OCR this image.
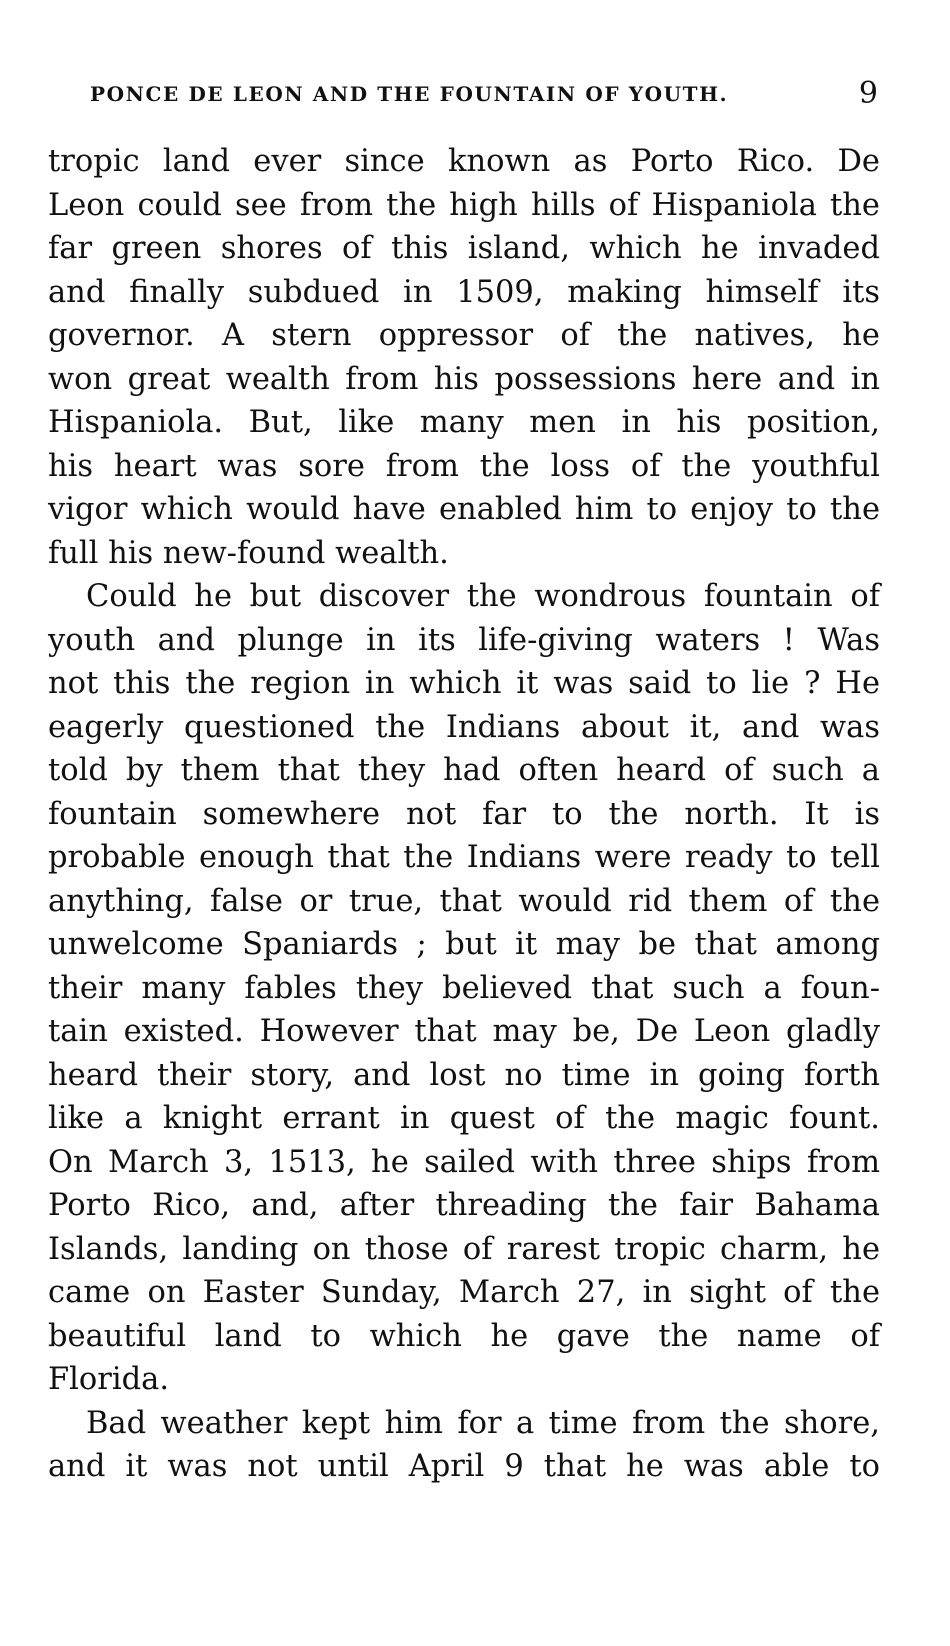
PONCE DE LEON AND THE FOUNTAIN OF YOUTH.	9
tropic land ever since known as Porto Rico. De
Leon could see from the high hills of Hispaniola the
far green shores of this island, which he invaded
and finally subdued in 1509, making himself its
governor. A stern oppressor of the natives, he
won great wealth from his possessions here and in
Hispaniola. But, like many men in his position,
his heart was sore from the loss of the youthful
vigor which would have enabled him to enjoy to the
full his new-found wealth.
Could he but discover the wondrous fountain of
youth and plunge in its life-giving waters ! Was
not this the region in which it was said to lie ? He
eagerly questioned the Indians about it, and was
told by them that they had often heard of such a
fountain somewhere not far to the north. It is
probable enough that the Indians were ready to tell
anything, false or true, that would rid them of the
unwelcome Spaniards ; but it may be that among
their many fables they believed that such a foun-
tain existed. However that may be, De Leon gladly
heard their story, and lost no time in going forth
like a knight errant in quest of the magic fount.
On March 3, 1513, he sailed with three ships from
Porto Rico, and, after threading the fair Bahama
Islands, landing on those of rarest tropic charm, he
came on Easter Sunday, March 27, in sight of the
beautiful land to which he gave the name of
Florida.
Bad weather kept him for a time from the shore,
and it was not until April 9 that he was able to
